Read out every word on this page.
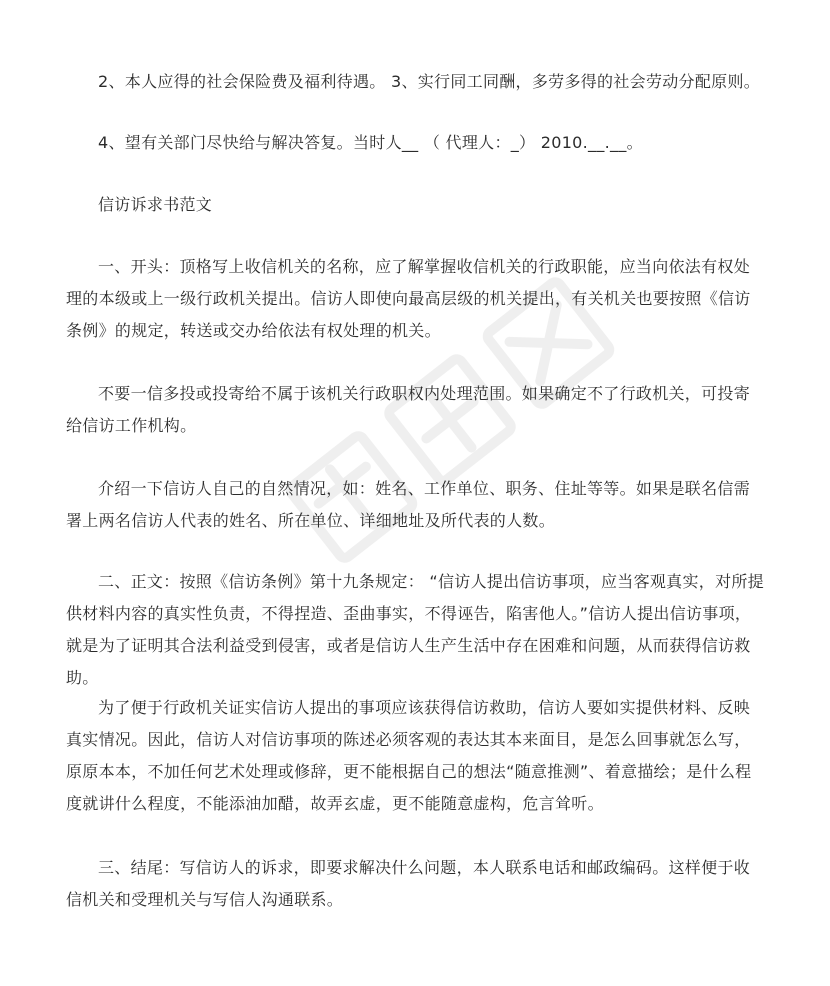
2、本人应得的社会保险费及福利待遇。 3、实行同工同酬，多劳多得的社会劳动分配原则。

4、望有关部门尽快给与解决答复。当时人__ （ 代理人：_） 2010.__.__。

信访诉求书范文

一、开头：顶格写上收信机关的名称，应了解掌握收信机关的行政职能，应当向依法有权处理的本级或上一级行政机关提出。信访人即使向最高层级的机关提出，有关机关也要按照《信访条例》的规定，转送或交办给依法有权处理的机关。

不要一信多投或投寄给不属于该机关行政职权内处理范围。如果确定不了行政机关，可投寄给信访工作机构。

介绍一下信访人自己的自然情况，如：姓名、工作单位、职务、住址等等。如果是联名信需署上两名信访人代表的姓名、所在单位、详细地址及所代表的人数。

二、正文：按照《信访条例》第十九条规定： “信访人提出信访事项，应当客观真实，对所提供材料内容的真实性负责，不得捏造、歪曲事实，不得诬告，陷害他人。”信访人提出信访事项，就是为了证明其合法利益受到侵害，或者是信访人生产生活中存在困难和问题，从而获得信访救助。

为了便于行政机关证实信访人提出的事项应该获得信访救助，信访人要如实提供材料、反映真实情况。因此，信访人对信访事项的陈述必须客观的表达其本来面目，是怎么回事就怎么写，原原本本，不加任何艺术处理或修辞，更不能根据自己的想法“随意推测”、着意描绘；是什么程度就讲什么程度，不能添油加醋，故弄玄虚，更不能随意虚构，危言耸听。

三、结尾：写信访人的诉求，即要求解决什么问题，本人联系电话和邮政编码。这样便于收信机关和受理机关与写信人沟通联系。
